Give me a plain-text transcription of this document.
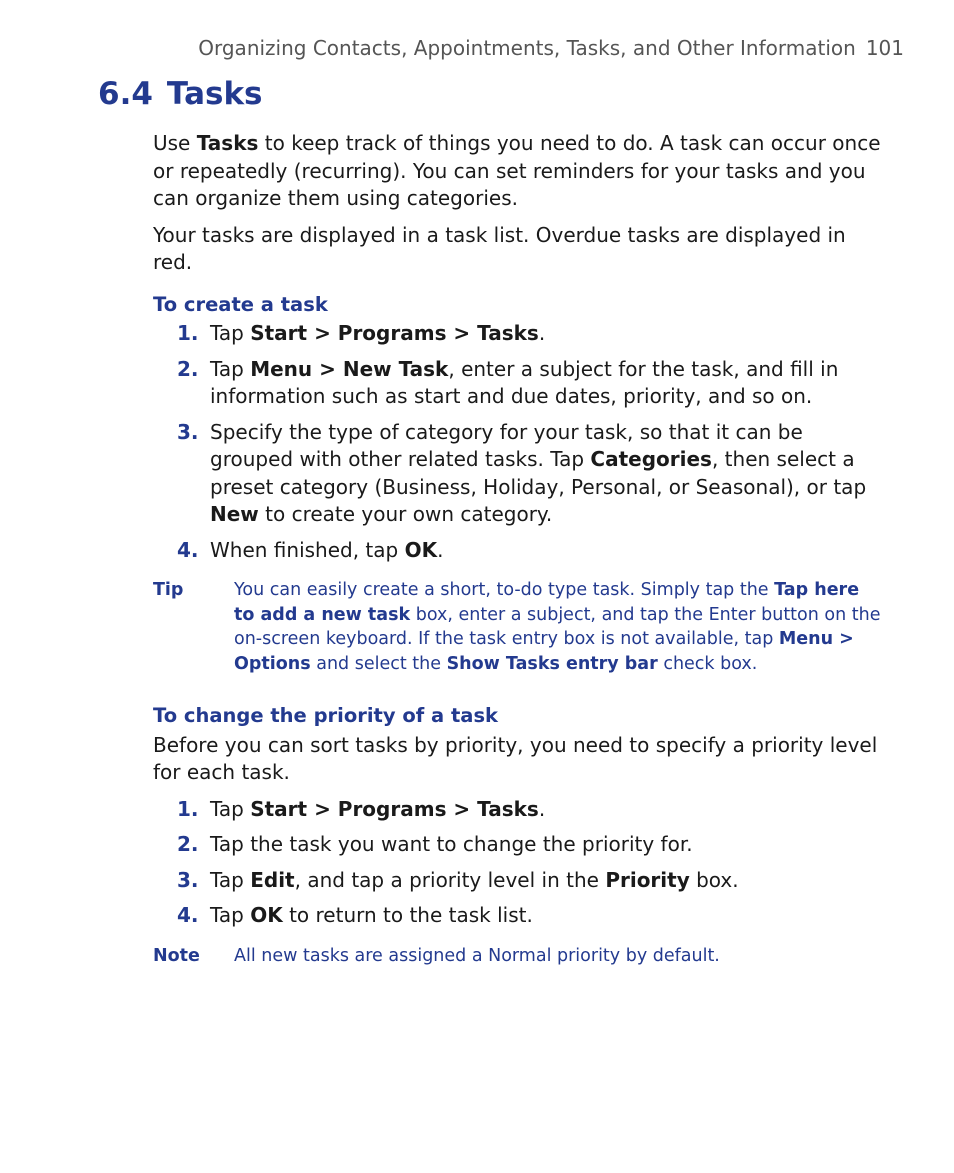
Organizing Contacts, Appointments, Tasks, and Other Information 101
6.4 Tasks

Use Tasks to keep track of things you need to do. A task can occur once or repeatedly (recurring). You can set reminders for your tasks and you can organize them using categories.

Your tasks are displayed in a task list. Overdue tasks are displayed in red.

To create a task
1. Tap Start > Programs > Tasks.
2. Tap Menu > New Task, enter a subject for the task, and fill in information such as start and due dates, priority, and so on.
3. Specify the type of category for your task, so that it can be grouped with other related tasks. Tap Categories, then select a preset category (Business, Holiday, Personal, or Seasonal), or tap New to create your own category.
4. When finished, tap OK.
Tip	You can easily create a short, to-do type task. Simply tap the Tap here to add a new task box, enter a subject, and tap the Enter button on the on-screen keyboard. If the task entry box is not available, tap Menu > Options and select the Show Tasks entry bar check box.
To change the priority of a task

Before you can sort tasks by priority, you need to specify a priority level for each task.

1. Tap Start > Programs > Tasks.
2. Tap the task you want to change the priority for.
3. Tap Edit, and tap a priority level in the Priority box.
4. Tap OK to return to the task list.
Note	All new tasks are assigned a Normal priority by default.
